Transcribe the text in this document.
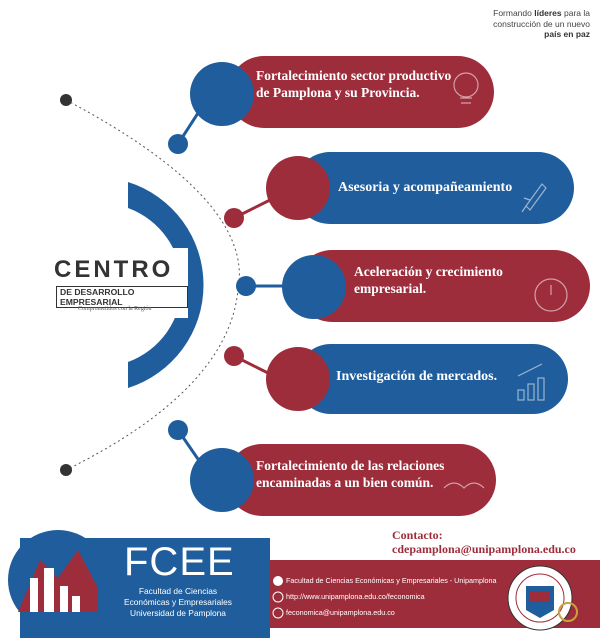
Formando líderes para la
construcción de un nuevo
país en paz
CENTRO
DE DESARROLLO EMPRESARIAL
Comprometidos con la Región
Fortalecimiento sector productivo
de Pamplona y su Provincia.
Asesoria y acompañeamiento
Aceleración y crecimiento
empresarial.
Investigación de mercados.
Fortalecimiento de las relaciones
encaminadas a un bien común.
Contacto:
cdepamplona@unipamplona.edu.co
FCEE
Facultad de Ciencias
Económicas y Empresariales
Universidad de Pamplona
Facultad de Ciencias Económicas y Empresariales - Unipamplona
http://www.unipamplona.edu.co/feconomica
feconomica@unipamplona.edu.co
